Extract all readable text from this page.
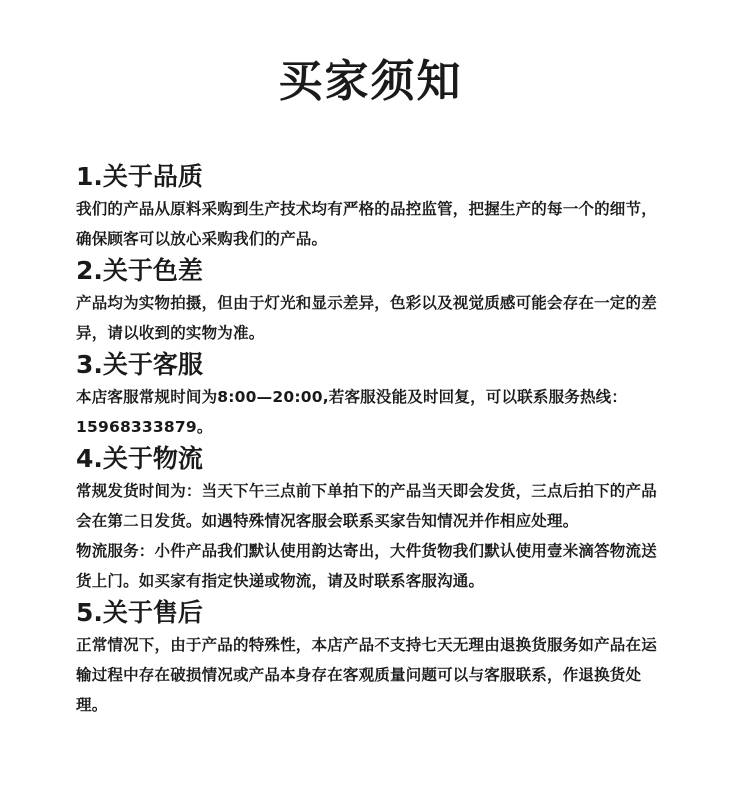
买家须知
1.关于品质

我们的产品从原料采购到生产技术均有严格的品控监管，把握生产的每一个的细节，确保顾客可以放心采购我们的产品。

2.关于色差

产品均为实物拍摄，但由于灯光和显示差异，色彩以及视觉质感可能会存在一定的差异，请以收到的实物为准。

3.关于客服

本店客服常规时间为8:00—20:00,若客服没能及时回复，可以联系服务热线：15968333879。

4.关于物流

常规发货时间为：当天下午三点前下单拍下的产品当天即会发货，三点后拍下的产品会在第二日发货。如遇特殊情况客服会联系买家告知情况并作相应处理。

物流服务：小件产品我们默认使用韵达寄出，大件货物我们默认使用壹米滴答物流送货上门。如买家有指定快递或物流，请及时联系客服沟通。

5.关于售后

正常情况下，由于产品的特殊性，本店产品不支持七天无理由退换货服务如产品在运输过程中存在破损情况或产品本身存在客观质量问题可以与客服联系，作退换货处理。
